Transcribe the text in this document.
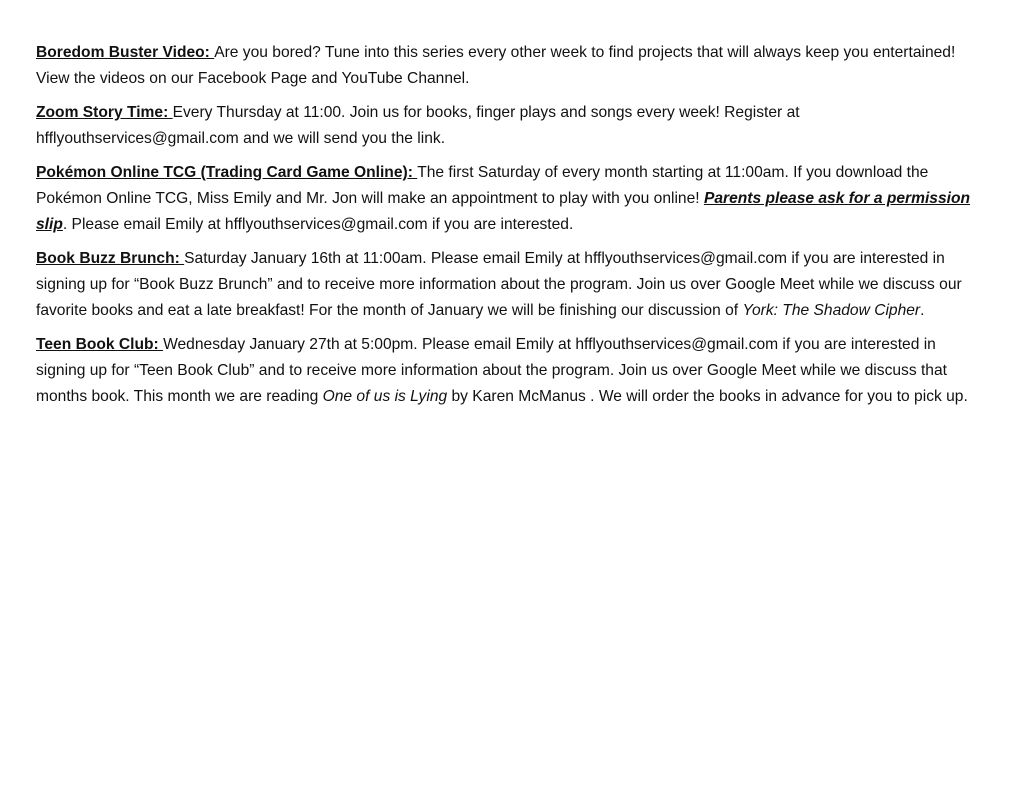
Boredom Buster Video: Are you bored? Tune into this series every other week to find projects that will always keep you entertained! View the videos on our Facebook Page and YouTube Channel.

Zoom Story Time: Every Thursday at 11:00. Join us for books, finger plays and songs every week! Register at hfflyouthservices@gmail.com and we will send you the link.

Pokémon Online TCG (Trading Card Game Online): The first Saturday of every month starting at 11:00am. If you download the Pokémon Online TCG, Miss Emily and Mr. Jon will make an appointment to play with you online! Parents please ask for a permission slip. Please email Emily at hfflyouthservices@gmail.com if you are interested.

Book Buzz Brunch: Saturday January 16th at 11:00am. Please email Emily at hfflyouthservices@gmail.com if you are interested in signing up for “Book Buzz Brunch” and to receive more information about the program. Join us over Google Meet while we discuss our favorite books and eat a late breakfast! For the month of January we will be finishing our discussion of York: The Shadow Cipher.

Teen Book Club: Wednesday January 27th at 5:00pm. Please email Emily at hfflyouthservices@gmail.com if you are interested in signing up for “Teen Book Club” and to receive more information about the program. Join us over Google Meet while we discuss that months book. This month we are reading One of us is Lying by Karen McManus . We will order the books in advance for you to pick up.
